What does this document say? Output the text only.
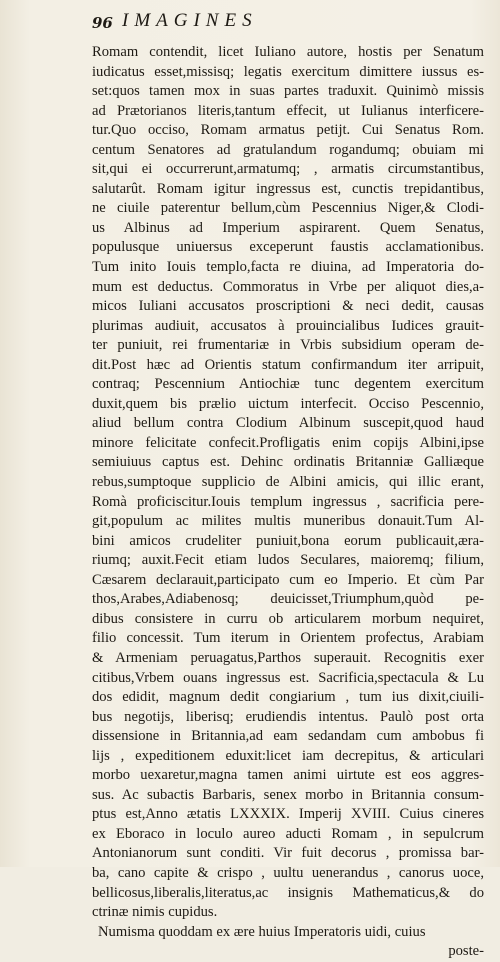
96 IMAGINES
Romam contendit, licet Iuliano autore, hostis per Senatum
iudicatus esset,missisq; legatis exercitum dimittere iussus es-
set:quos tamen mox in suas partes traduxit. Quinimò missis
ad Prætorianos literis,tantum effecit, ut Iulianus interficere-
tur.Quo occiso, Romam armatus petijt. Cui Senatus Rom.
centum Senatores ad gratulandum rogandumq; obuiam mi
sit,qui ei occurrerunt,armatumq; , armatis circumstantibus,
salutarût. Romam igitur ingressus est, cunctis trepidantibus,
ne ciuile paterentur bellum,cùm Pescennius Niger,& Clodi-
us Albinus ad Imperium aspirarent. Quem Senatus,
populusque uniuersus exceperunt faustis acclamationibus.
Tum inito Iouis templo,facta re diuina, ad Imperatoria do-
mum est deductus. Commoratus in Vrbe per aliquot dies,a-
micos Iuliani accusatos proscriptioni & neci dedit, causas
plurimas audiuit, accusatos à prouincialibus Iudices grauit-
ter puniuit, rei frumentariæ in Vrbis subsidium operam de-
dit.Post hæc ad Orientis statum confirmandum iter arripuit,
contraq; Pescennium Antiochiæ tunc degentem exercitum
duxit,quem bis prælio uictum interfecit. Occiso Pescennio,
aliud bellum contra Clodium Albinum suscepit,quod haud
minore felicitate confecit.Profligatis enim copijs Albini,ipse
semiuiuus captus est. Dehinc ordinatis Britanniæ Galliæque
rebus,sumptoque supplicio de Albini amicis, qui illic erant,
Romà proficiscitur.Iouis templum ingressus , sacrificia pere-
git,populum ac milites multis muneribus donauit.Tum Al-
bini amicos crudeliter puniuit,bona eorum publicauit,æra-
riumq; auxit.Fecit etiam ludos Seculares, maioremq; filium,
Cæsarem declarauit,participato cum eo Imperio. Et cùm Par
thos,Arabes,Adiabenosq; deuicisset,Triumphum,quòd pe-
dibus consistere in curru ob articularem morbum nequiret,
filio concessit. Tum iterum in Orientem profectus, Arabiam
& Armeniam peruagatus,Parthos superauit. Recognitis exer
citibus,Vrbem ouans ingressus est. Sacrificia,spectacula & Lu
dos edidit, magnum dedit congiarium , tum ius dixit,ciuili-
bus negotijs, liberisq; erudiendis intentus. Paulò post orta
dissensione in Britannia,ad eam sedandam cum ambobus fi
lijs , expeditionem eduxit:licet iam decrepitus, & articulari
morbo uexaretur,magna tamen animi uirtute est eos aggres-
sus. Ac subactis Barbaris, senex morbo in Britannia consum-
ptus est,Anno ætatis LXXXIX. Imperij XVIII. Cuius cineres
ex Eboraco in loculo aureo aducti Romam , in sepulcrum
Antonianorum sunt conditi. Vir fuit decorus , promissa bar-
ba, cano capite & crispo , uultu uenerandus , canorus uoce,
bellicosus,liberalis,literatus,ac insignis Mathematicus,& do
ctrinæ nimis cupidus.
Numisma quoddam ex ære huius Imperatoris uidi, cuius
poste-
